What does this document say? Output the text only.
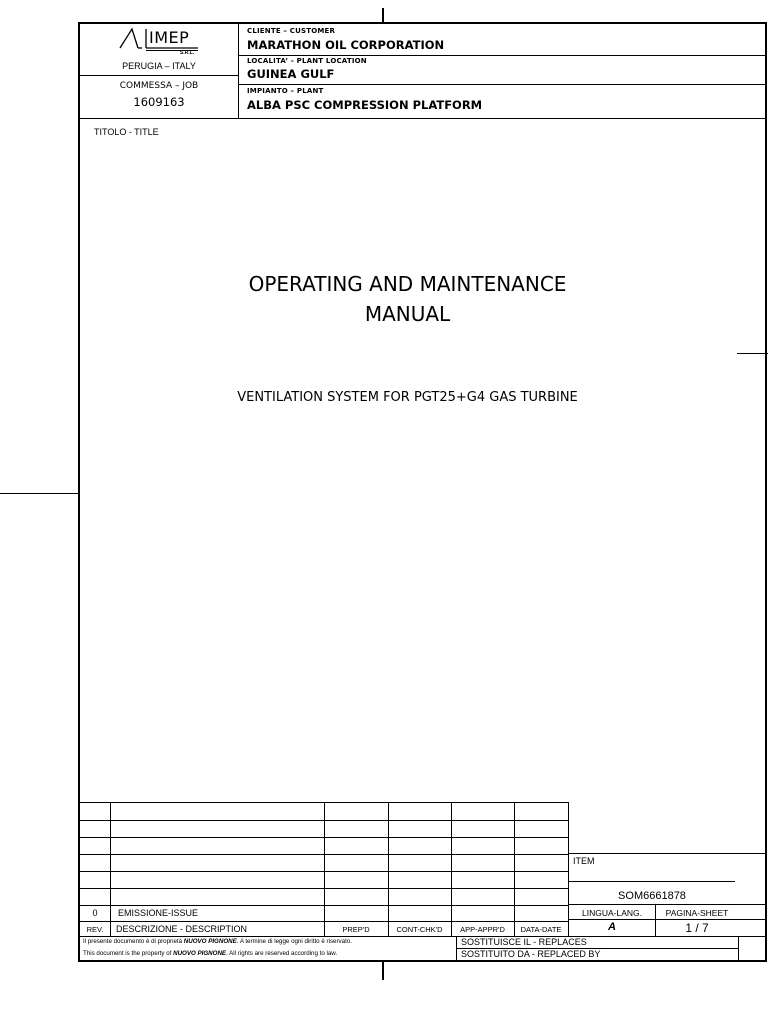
IMEP
S.R.L.
PERUGIA – ITALY
COMMESSA – JOB
1609163
CLIENTE – CUSTOMER
MARATHON OIL CORPORATION
LOCALITA’ - PLANT LOCATION
GUINEA GULF
IMPIANTO – PLANT
ALBA PSC COMPRESSION PLATFORM
TITOLO - TITLE
OPERATING AND MAINTENANCE
MANUAL
VENTILATION SYSTEM FOR PGT25+G4 GAS TURBINE
0	EMISSIONE-ISSUE
REV.	DESCRIZIONE - DESCRIPTION	PREP'D	CONT-CHK'D	APP-APPR'D	DATA-DATE
ITEM
SOM6661878
LINGUA-LANG.	PAGINA-SHEET
A	1 / 7
Il presente documento è di proprietà NUOVO PIGNONE. A termine di legge ogni diritto è riservato.
This document is the property of NUOVO PIGNONE. All rights are reserved according to law.
SOSTITUISCE IL - REPLACES
SOSTITUITO DA - REPLACED BY
